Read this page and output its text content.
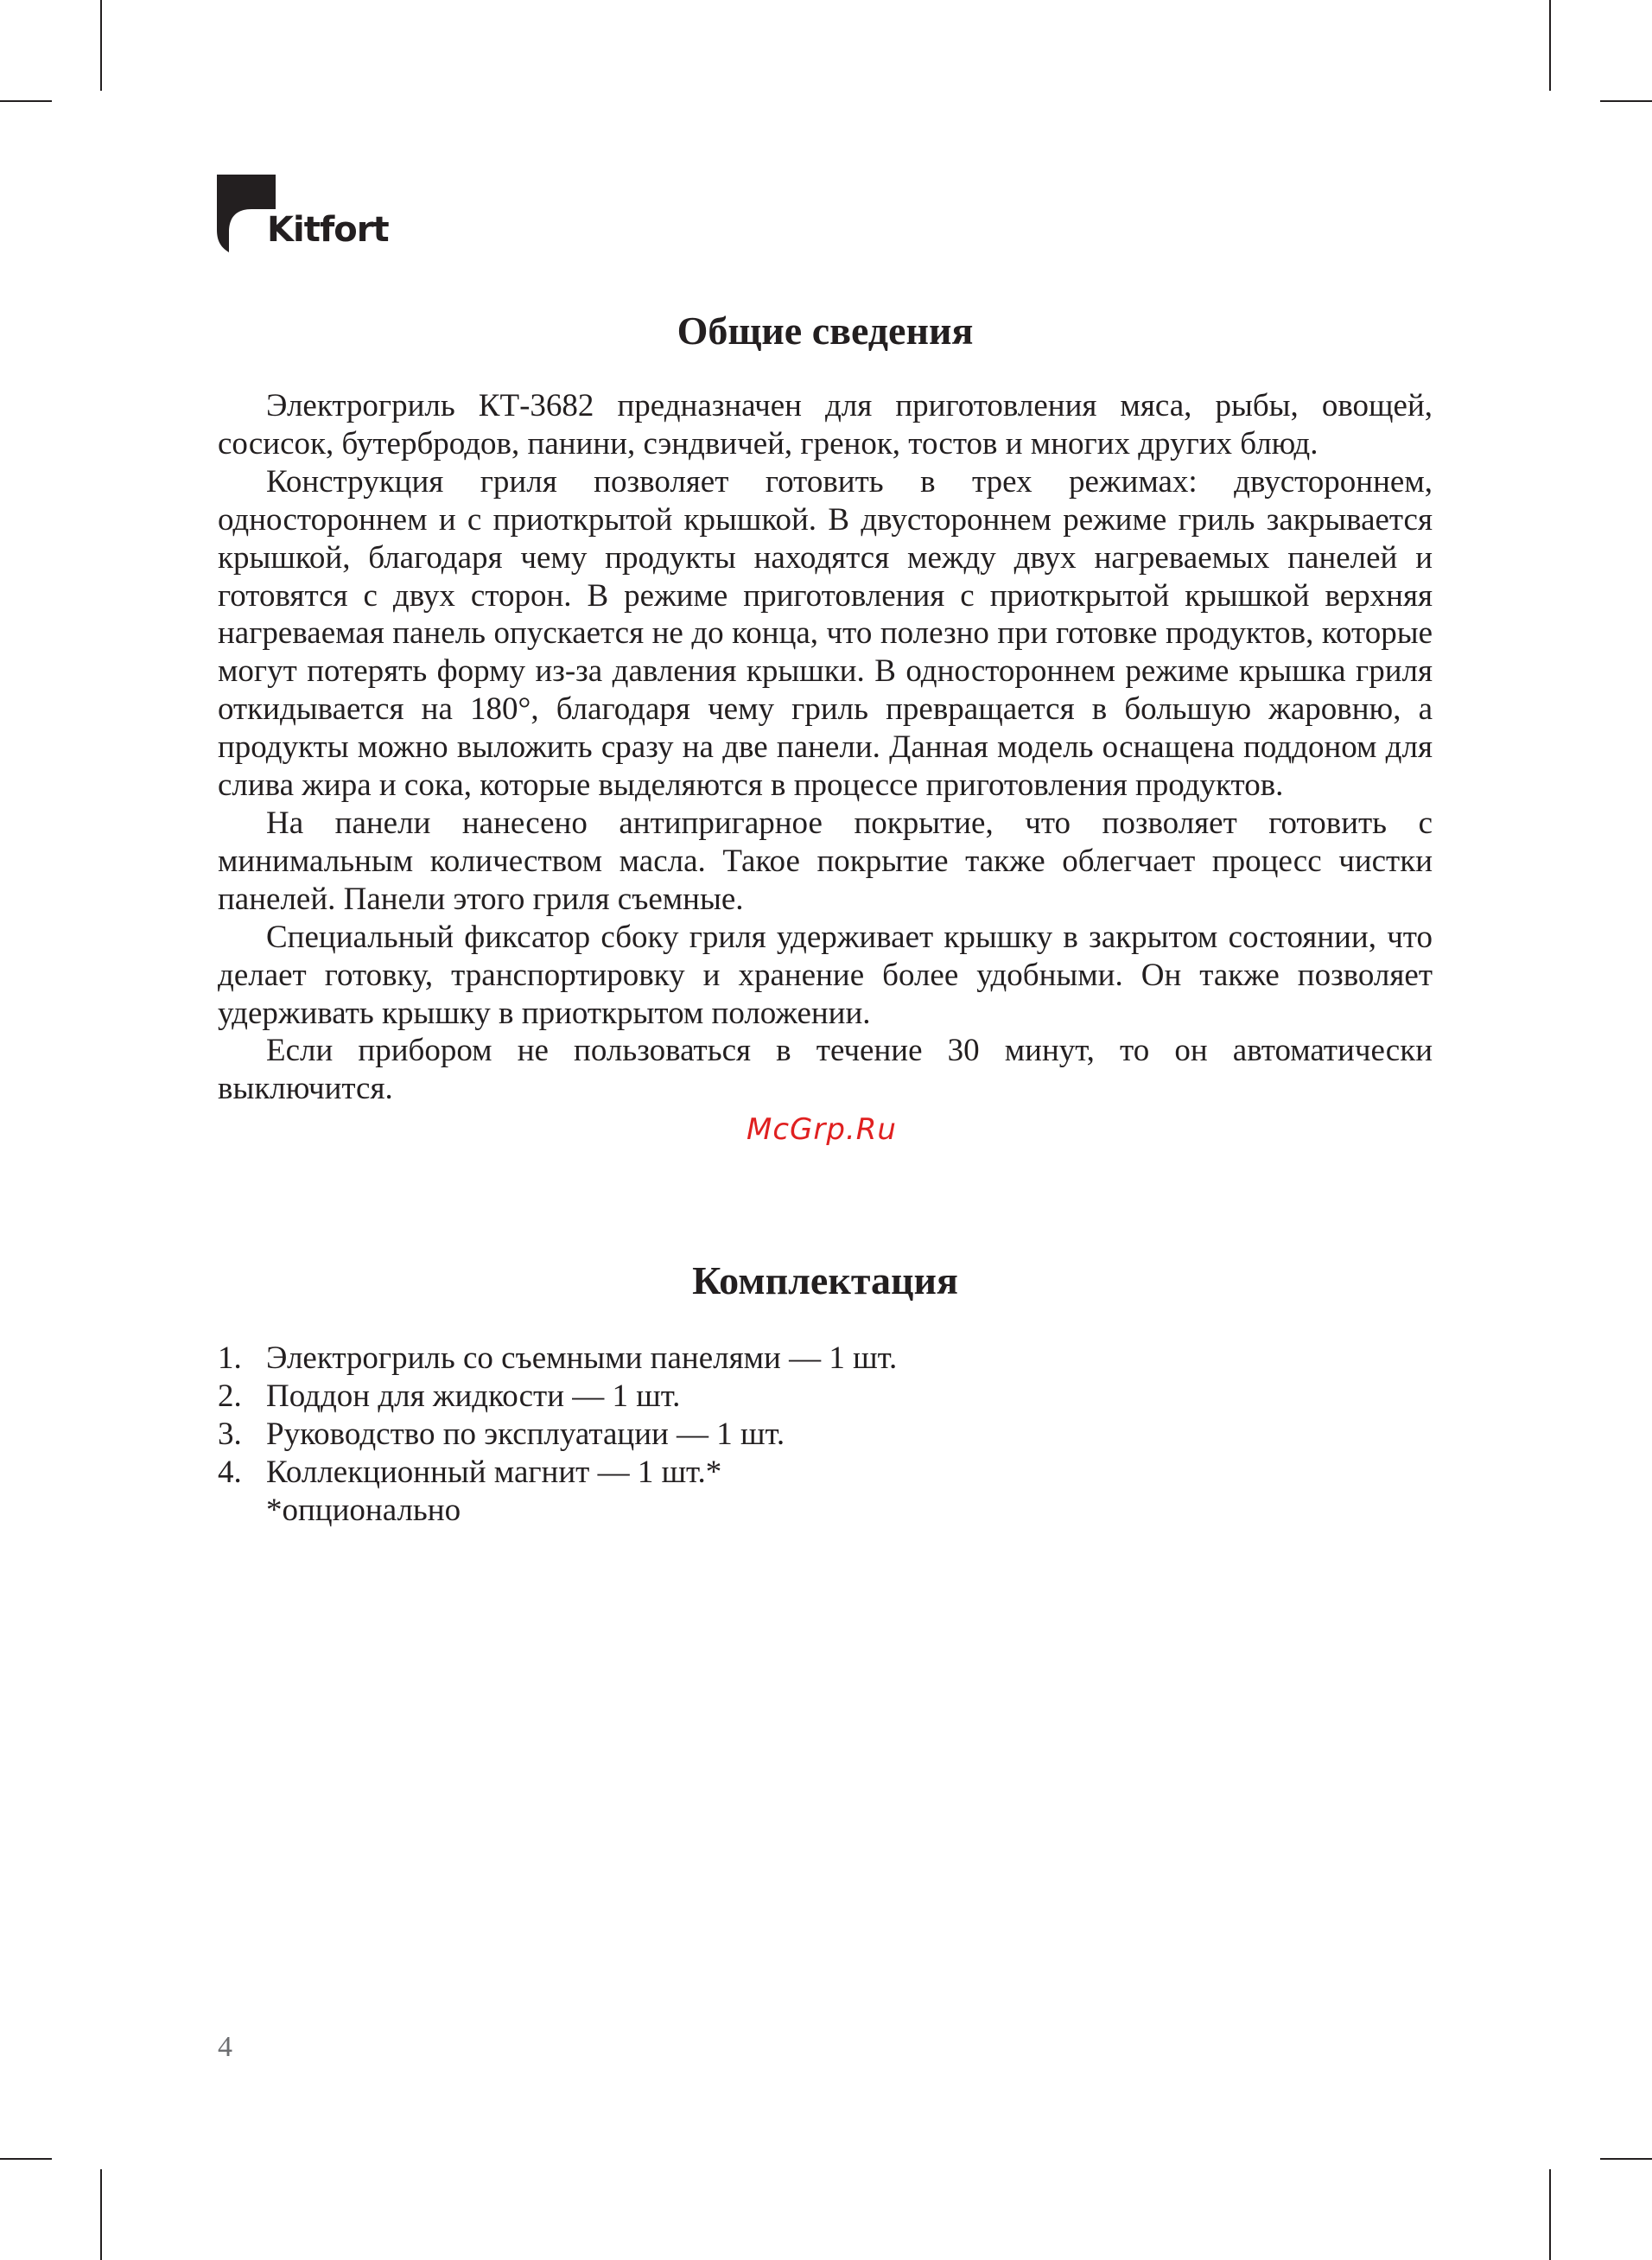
Kitfort
Общие сведения

Электрогриль КТ-3682 предназначен для приготовления мяса, рыбы, овощей, сосисок, бутербродов, панини, сэндвичей, гренок, тостов и многих других блюд.

Конструкция гриля позволяет готовить в трех режимах: двустороннем, одностороннем и с приоткрытой крышкой. В двустороннем режиме гриль закрывается крышкой, благодаря чему продукты находятся между двух нагреваемых панелей и готовятся с двух сторон. В режиме приготовления с приоткрытой крышкой верхняя нагреваемая панель опускается не до конца, что полезно при готовке продуктов, которые могут потерять форму из-за давления крышки. В одностороннем режиме крышка гриля откидывается на 180°, благодаря чему гриль превращается в большую жаровню, а продукты можно выложить сразу на две панели. Данная модель оснащена поддоном для слива жира и сока, которые выделяются в процессе приготовления продуктов.

На панели нанесено антипригарное покрытие, что позволяет готовить с минимальным количеством масла. Такое покрытие также облегчает процесс чистки панелей. Панели этого гриля съемные.

Специальный фиксатор сбоку гриля удерживает крышку в закрытом состоянии, что делает готовку, транспортировку и хранение более удобными. Он также позволяет удерживать крышку в приоткрытом положении.

Если прибором не пользоваться в течение 30 минут, то он автоматически выключится.

McGrp.Ru
Комплектация
1. Электрогриль со съемными панелями — 1 шт.
2. Поддон для жидкости — 1 шт.
3. Руководство по эксплуатации — 1 шт.
4. Коллекционный магнит — 1 шт.*
*опционально
4
